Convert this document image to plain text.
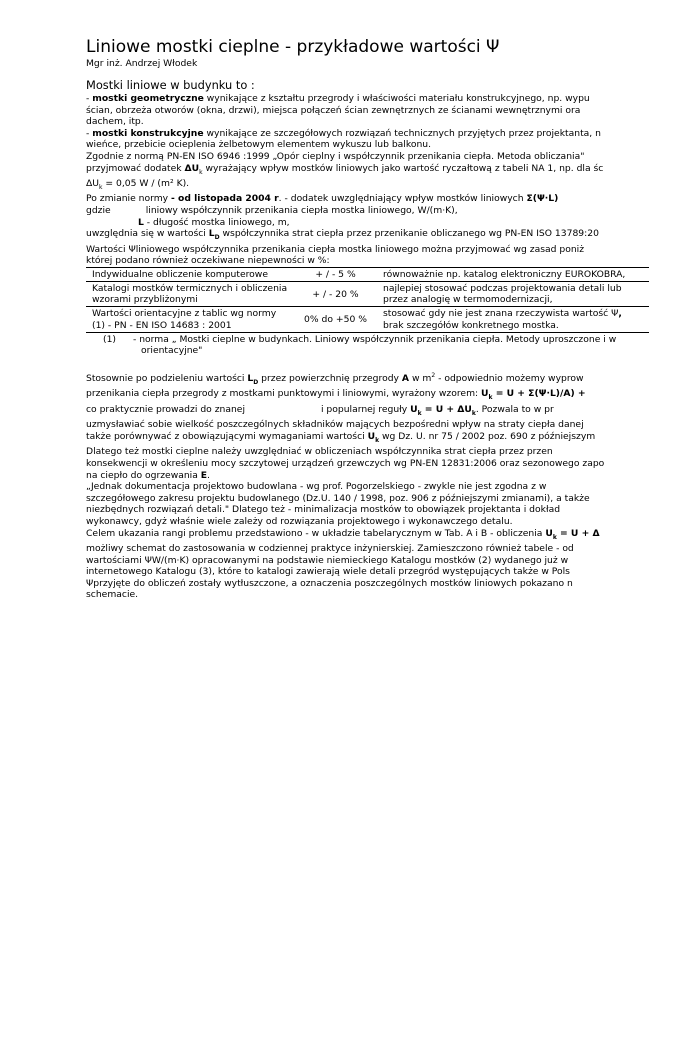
Liniowe mostki cieplne - przykładowe wartości Ψ
Mgr inż. Andrzej Włodek
Mostki liniowe w budynku to :
- mostki geometryczne wynikające z kształtu przegrody i właściwości materiału konstrukcyjnego, np. wypu
ścian, obrzeża otworów (okna, drzwi), miejsca połączeń ścian zewnętrznych ze ścianami wewnętrznymi ora
dachem, itp.
- mostki konstrukcyjne wynikające ze szczegółowych rozwiązań technicznych przyjętych przez projektanta, n
wieńce, przebicie ocieplenia żelbetowym elementem wykuszu lub balkonu.
Zgodnie z normą PN-EN ISO 6946 :1999 „Opór cieplny i współczynnik przenikania ciepła. Metoda obliczania"
przyjmować dodatek $\Delta U_k$ wyrażający wpływ mostków liniowych jako wartość ryczałtową z tabeli NA 1, np. dla śc
$\Delta U_k = 0,05$ W / (m² K).
Po zmianie normy - od listopada 2004 r. - dodatek uwzględniający wpływ mostków liniowych Σ(Ψ·L)
gdzie	liniowy współczynnik przenikania ciepła mostka liniowego, W/(m·K),
L - długość mostka liniowego, m,
uwzględnia się w wartości $L_D$ współczynnika strat ciepła przez przenikanie obliczanego wg PN-EN ISO 13789:20
Wartości Ψliniowego współczynnika przenikania ciepła mostka liniowego można przyjmować wg zasad poniż
której podano również oczekiwane niepewności w %:
Indywidualne obliczenie komputerowe	+ / - 5 %	równoważnie np. katalog elektroniczny EUROKOBRA,
Katalogi mostków termicznych i obliczenia wzorami przybliżonymi	+ / - 20 %	najlepiej stosować podczas projektowania detali lub przez analogię w termomodernizacji,
Wartości orientacyjne z tablic wg normy (1) - PN - EN ISO 14683 : 2001	0% do +50 %	stosować gdy nie jest znana rzeczywista wartość Ψ,
brak szczegółów konkretnego mostka.
(1)	- norma „ Mostki cieplne w budynkach. Liniowy współczynnik przenikania ciepła. Metody uproszczone i w
orientacyjne"
Stosownie po podzieleniu wartości $L_D$ przez powierzchnię przegrody A w $m^2$ - odpowiednio możemy wyprow
przenikania ciepła przegrody z mostkami punktowymi i liniowymi, wyrażony wzorem: $U_k = U + \Sigma(\Psi\cdot L)/A$) +
co praktycznie prowadzi do znanej	i popularnej reguły $U_k = U + \Delta U_k$. Pozwala to w pr
uzmysławiać sobie wielkość poszczególnych składników mających bezpośredni wpływ na straty ciepła danej
także porównywać z obowiązującymi wymaganiami wartości $U_k$ wg Dz. U. nr 75 / 2002 poz. 690 z późniejszym
Dlatego też mostki cieplne należy uwzględniać w obliczeniach współczynnika strat ciepła przez przen
konsekwencji w określeniu mocy szczytowej urządzeń grzewczych wg PN-EN 12831:2006 oraz sezonowego zapo
na ciepło do ogrzewania E.
„Jednak dokumentacja projektowo budowlana - wg prof. Pogorzelskiego - zwykle nie jest zgodna z w
szczegółowego zakresu projektu budowlanego (Dz.U. 140 / 1998, poz. 906 z późniejszymi zmianami), a także
niezbędnych rozwiązań detali." Dlatego też - minimalizacja mostków to obowiązek projektanta i dokład
wykonawcy, gdyż właśnie wiele zależy od rozwiązania projektowego i wykonawczego detalu.
Celem ukazania rangi problemu przedstawiono - w układzie tabelarycznym w Tab. A i B - obliczenia $U_k = U + \Delta$
możliwy schemat do zastosowania w codziennej praktyce inżynierskiej. Zamieszczono również tabele - od
wartościami ΨW/(m·K) opracowanymi na podstawie niemieckiego Katalogu mostków (2) wydanego już w
internetowego Katalogu (3), które to katalogi zawierają wiele detali przegród występujących także w Pols
Ψprzyjęte do obliczeń zostały wytłuszczone, a oznaczenia poszczególnych mostków liniowych pokazano n
schemacie.
